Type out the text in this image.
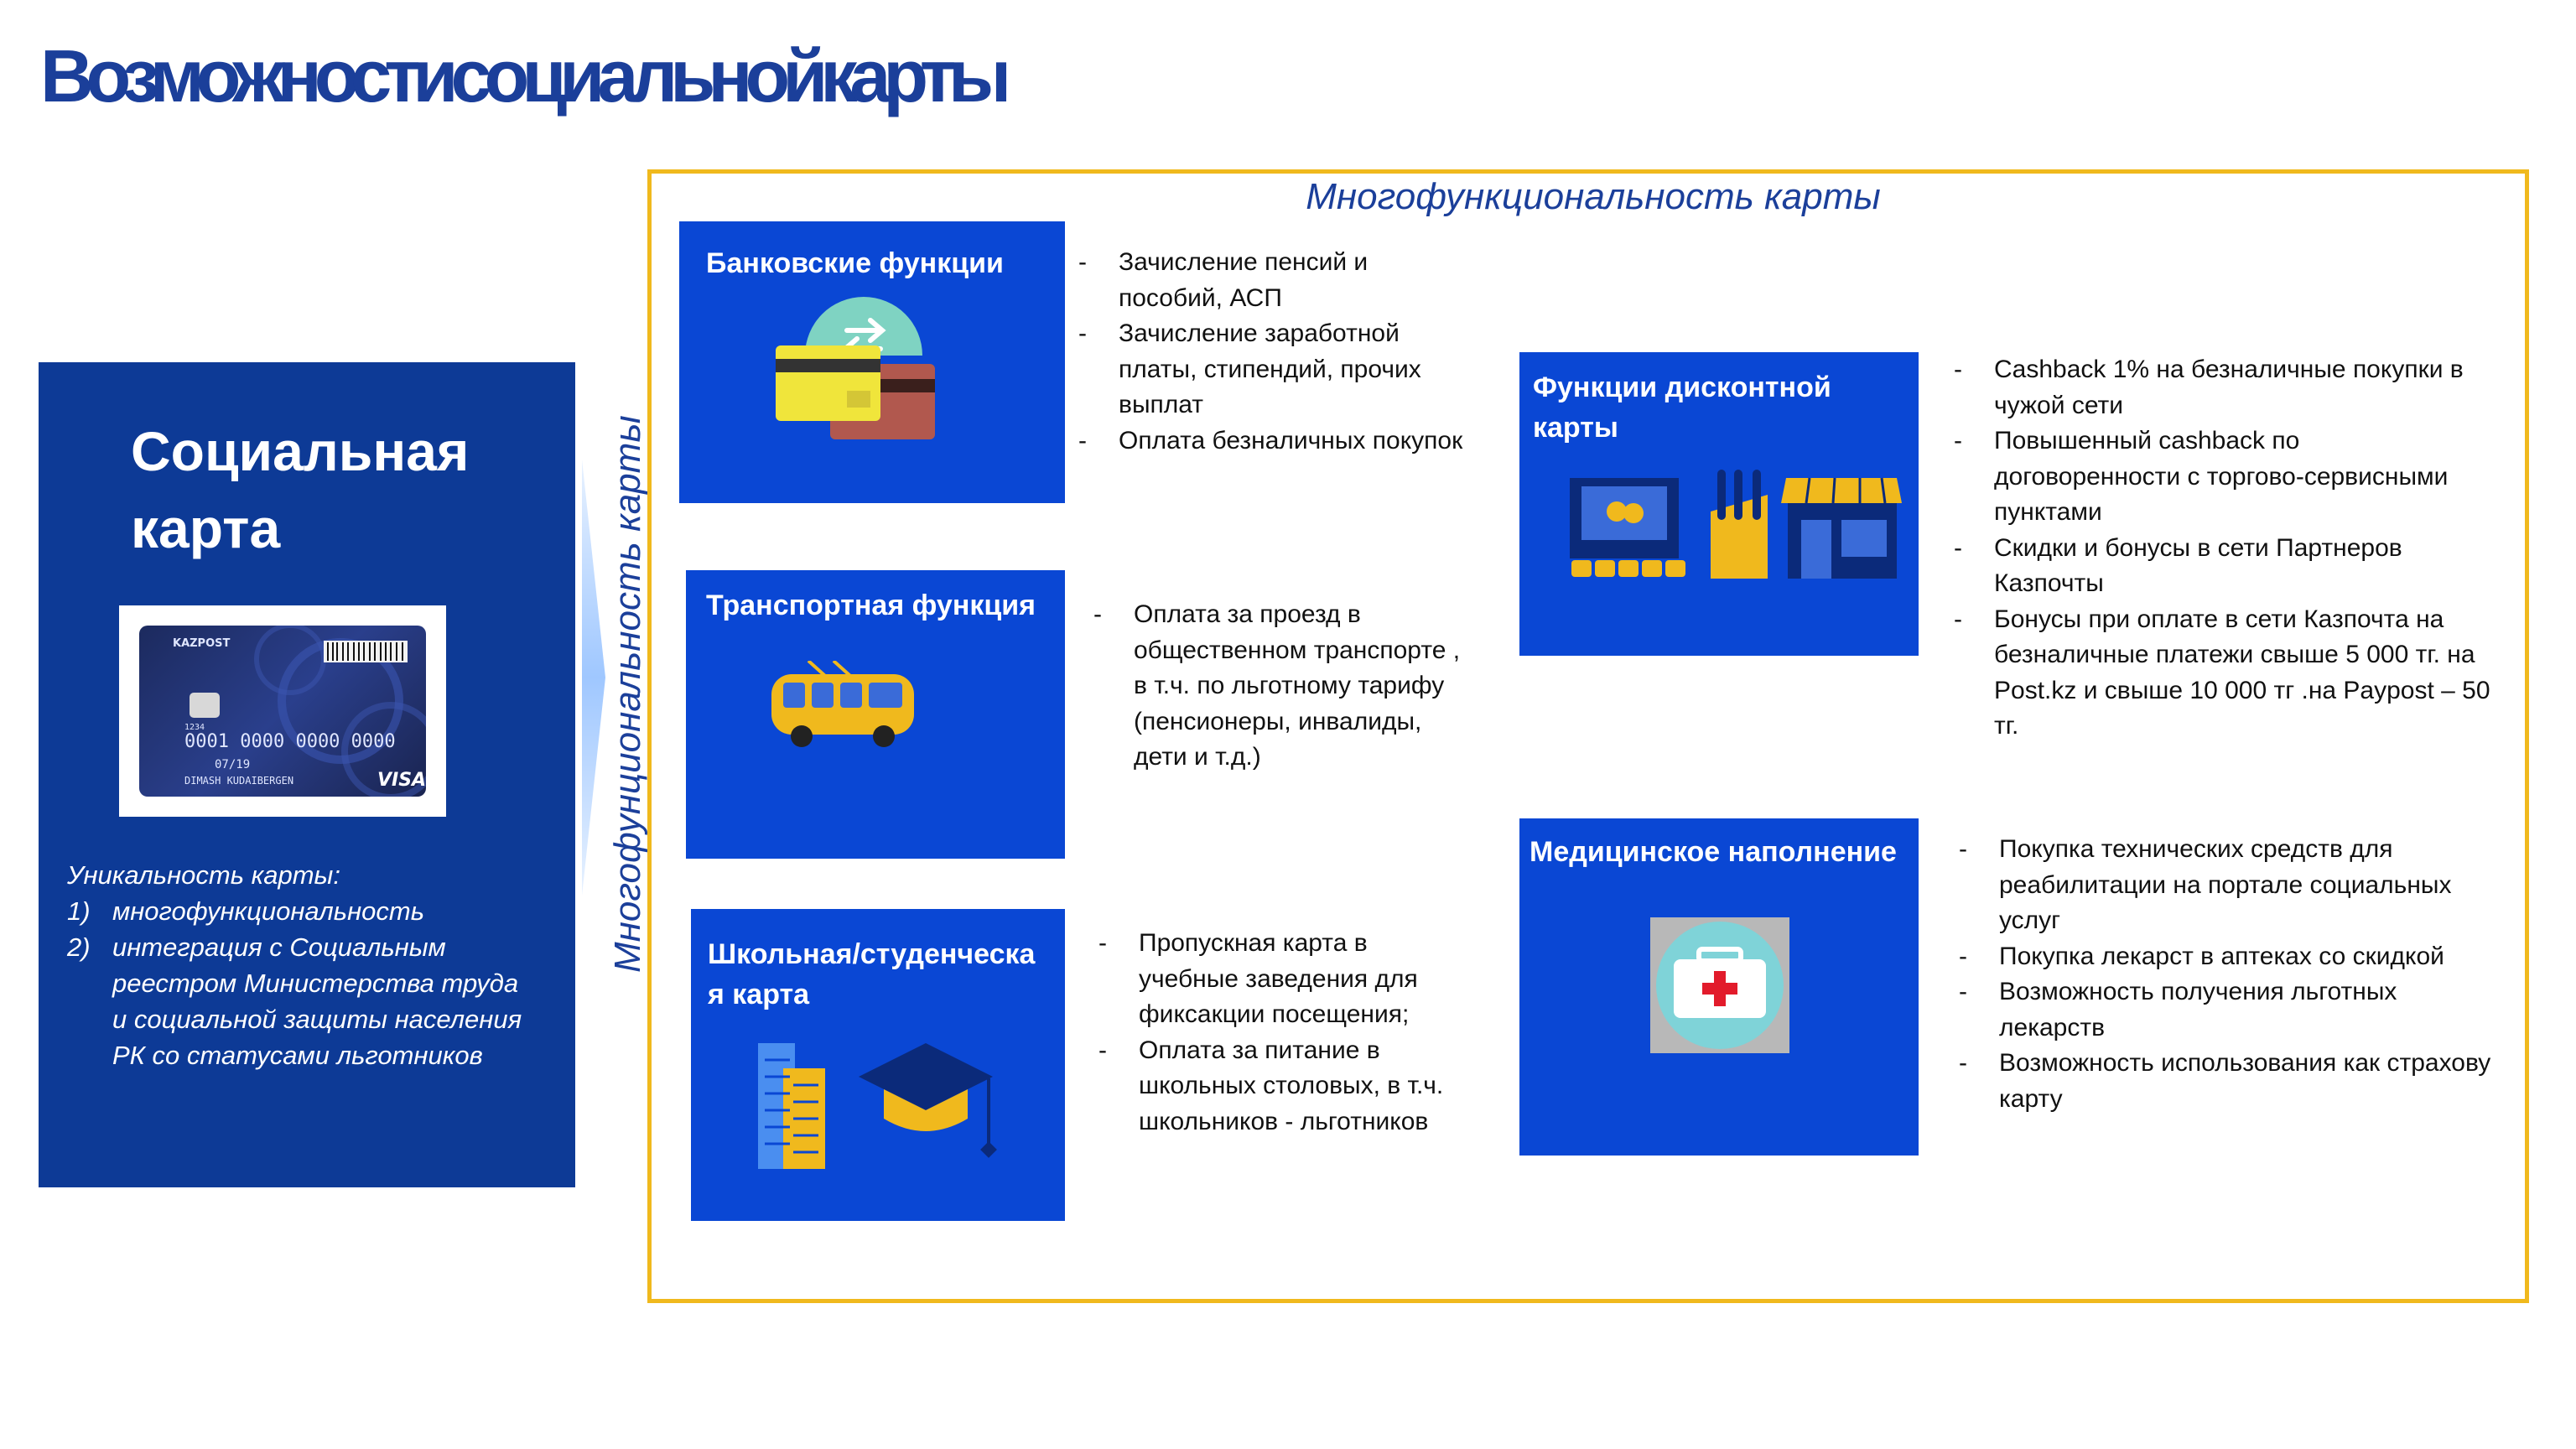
Возможностисоциальнойкарты
Социальная карта
KAZPOST
1234
0001 0000 0000 0000
07/19
DIMASH KUDAIBERGEN	VISA
Уникальность карты:
1) многофункциональность
2) интеграция с Социальным реестром Министерства труда и социальной защиты населения РК со статусами льготников
Многофунциональность карты
Многофункциональность карты
Банковские функции	- Зачисление пенсий и пособий, АСП
- Зачисление заработной платы, стипендий, прочих выплат
- Оплата безналичных покупок
Транспортная функция	- Оплата за проезд в общественном транспорте , в т.ч. по льготному тарифу (пенсионеры, инвалиды, дети и т.д.)
Школьная/студенческая карта
- Пропускная карта в учебные заведения для фиксакции посещения;
- Оплата за питание в школьных столовых, в т.ч. школьников - льготников
Функции дисконтной карты
- Cashback 1% на безналичные покупки в чужой сети
- Повышенный cashback по договоренности с торгово-сервисными пунктами
- Скидки и бонусы в сети Партнеров Казпочты
- Бонусы при оплате в сети Казпочта на безналичные платежи свыше 5 000 тг. на Post.kz и свыше 10 000 тг .на Paypost – 50 тг.
Медицинское наполнение	- Покупка технических средств для реабилитации на портале социальных услуг
- Покупка лекарст в аптеках со скидкой
- Возможность получения льготных лекарств
- Возможность использования как страхову карту
